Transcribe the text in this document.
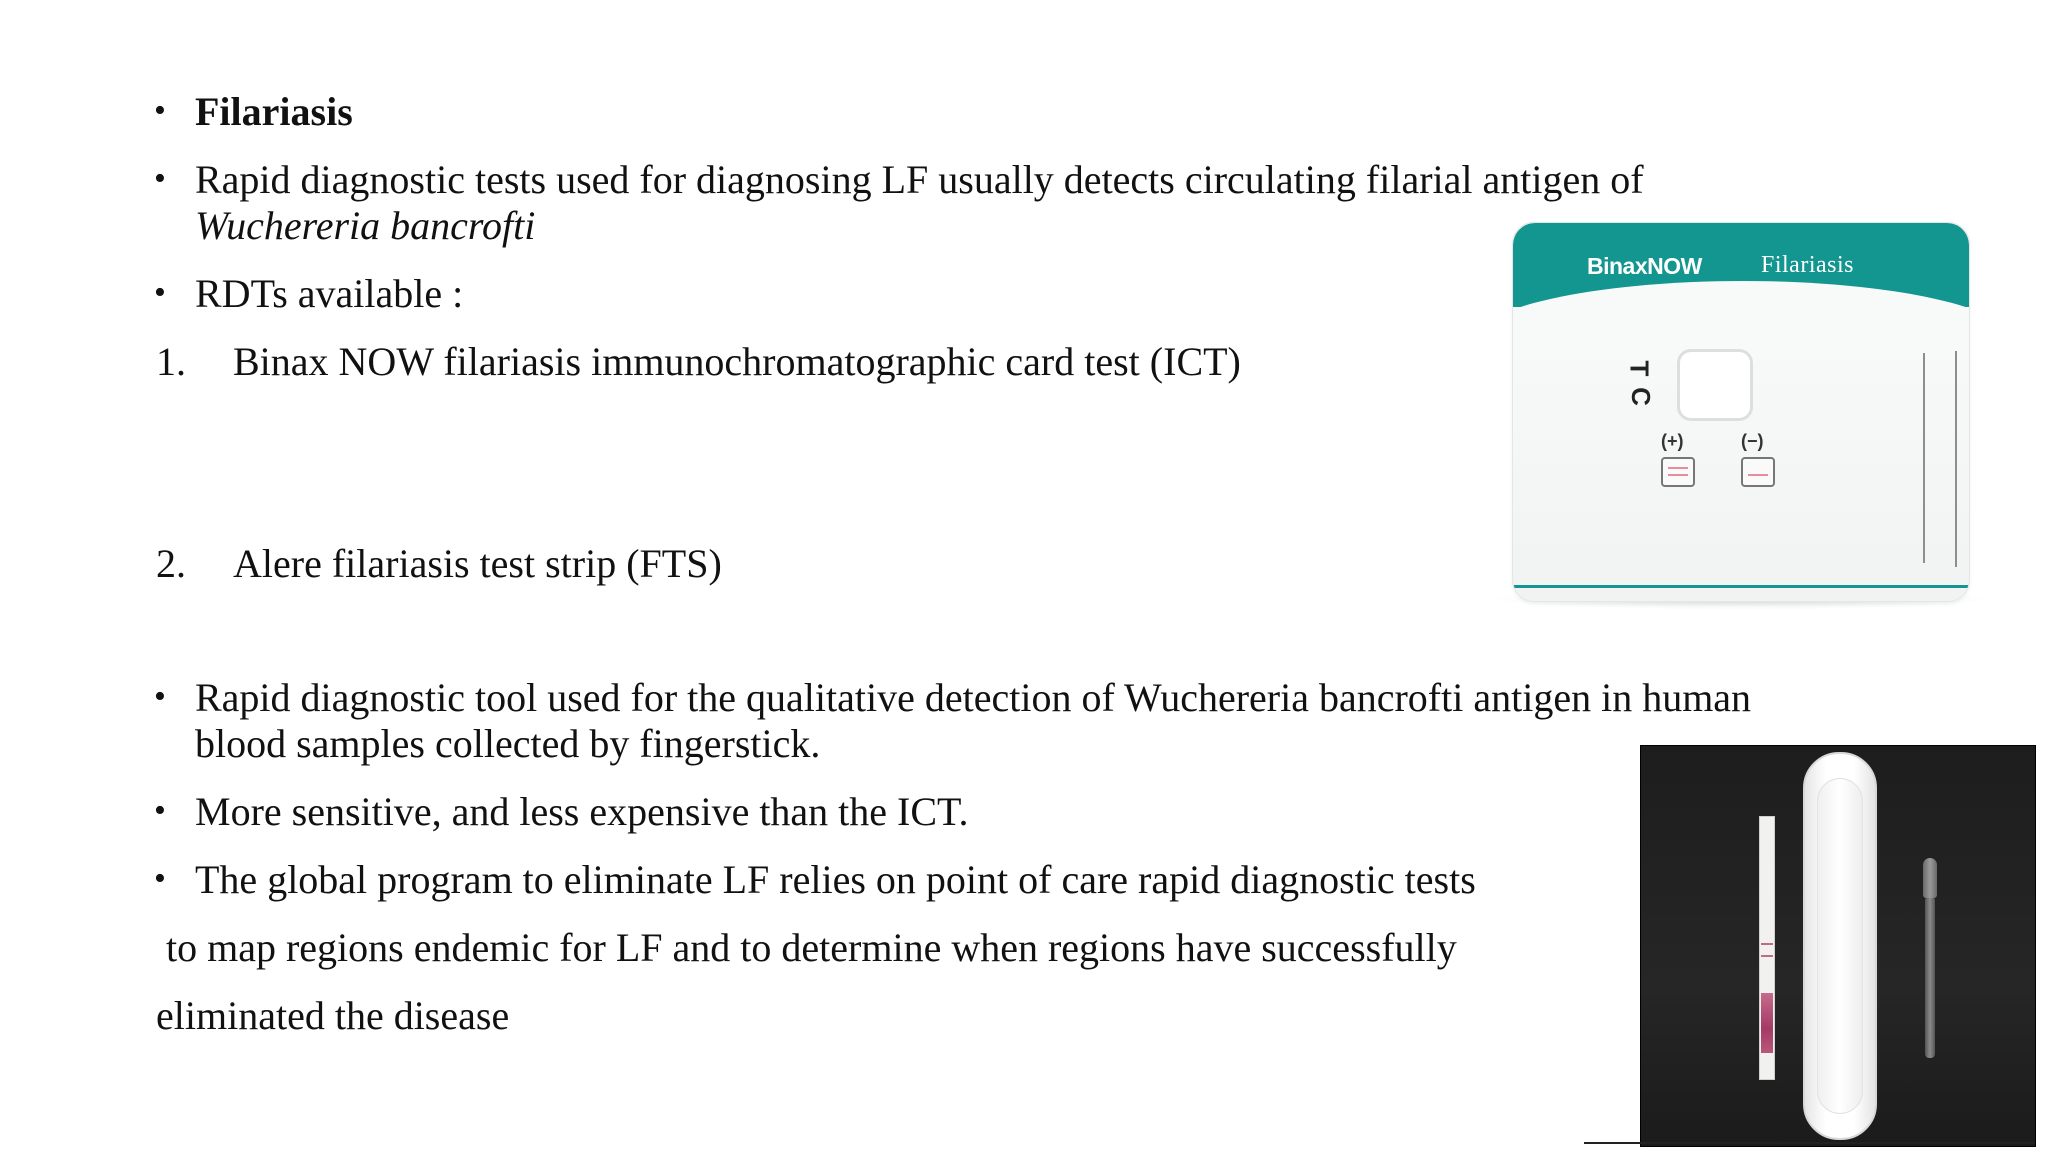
• Filariasis
• Rapid diagnostic tests used for diagnosing LF usually detects circulating filarial antigen of
Wuchereria bancrofti
• RDTs available :
1. Binax NOW filariasis immunochromatographic card test (ICT)
2. Alere filariasis test strip (FTS)
• Rapid diagnostic tool used for the qualitative detection of Wuchereria bancrofti antigen in human
blood samples collected by fingerstick.
• More sensitive, and less expensive than the ICT.
• The global program to eliminate LF relies on point of care rapid diagnostic tests
to map regions endemic for LF and to determine when regions have successfully
eliminated the disease
BinaxNOW Filariasis
T
C
(+)	(−)
